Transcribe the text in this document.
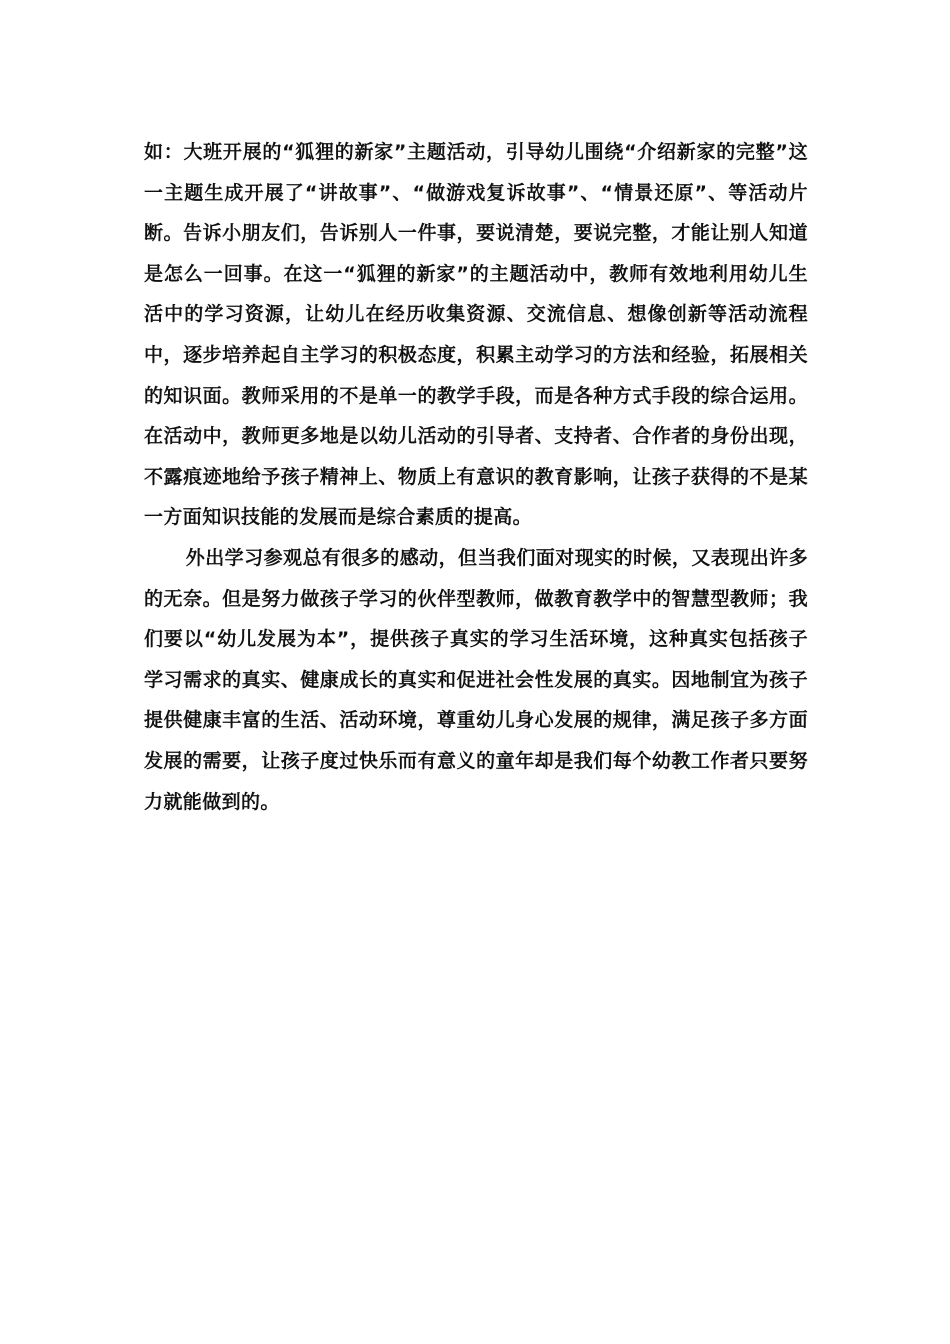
如：大班开展的“狐狸的新家”主题活动，引导幼儿围绕“介绍新家的完整”这一主题生成开展了“讲故事”、“做游戏复诉故事”、“情景还原”、等活动片断。告诉小朋友们，告诉别人一件事，要说清楚，要说完整，才能让别人知道是怎么一回事。在这一“狐狸的新家”的主题活动中，教师有效地利用幼儿生活中的学习资源，让幼儿在经历收集资源、交流信息、想像创新等活动流程中，逐步培养起自主学习的积极态度，积累主动学习的方法和经验，拓展相关的知识面。教师采用的不是单一的教学手段，而是各种方式手段的综合运用。在活动中，教师更多地是以幼儿活动的引导者、支持者、合作者的身份出现，不露痕迹地给予孩子精神上、物质上有意识的教育影响，让孩子获得的不是某一方面知识技能的发展而是综合素质的提高。

外出学习参观总有很多的感动，但当我们面对现实的时候，又表现出许多的无奈。但是努力做孩子学习的伙伴型教师，做教育教学中的智慧型教师；我们要以“幼儿发展为本”，提供孩子真实的学习生活环境，这种真实包括孩子学习需求的真实、健康成长的真实和促进社会性发展的真实。因地制宜为孩子提供健康丰富的生活、活动环境，尊重幼儿身心发展的规律，满足孩子多方面发展的需要，让孩子度过快乐而有意义的童年却是我们每个幼教工作者只要努力就能做到的。
